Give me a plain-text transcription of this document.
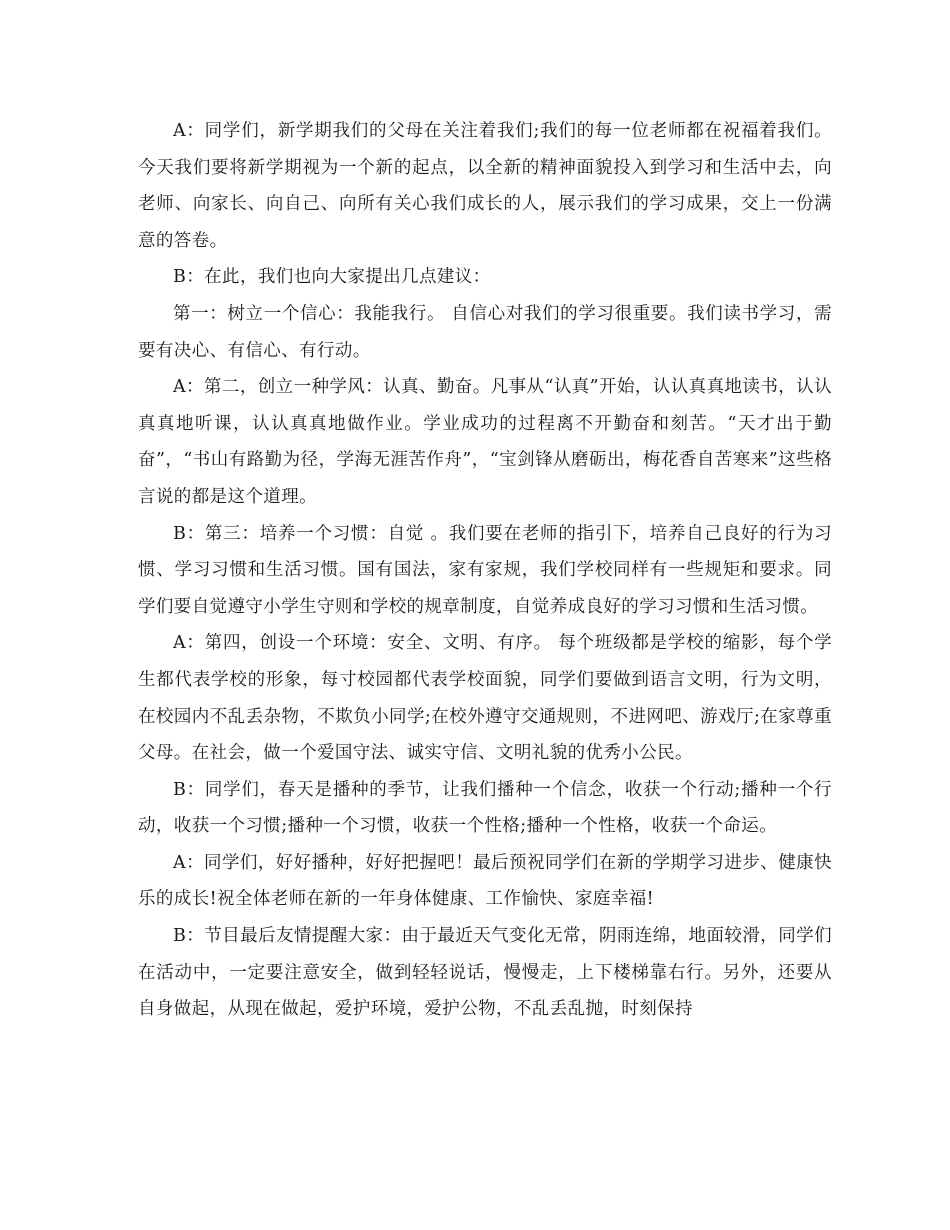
A：同学们，新学期我们的父母在关注着我们;我们的每一位老师都在祝福着我们。今天我们要将新学期视为一个新的起点，以全新的精神面貌投入到学习和生活中去，向老师、向家长、向自己、向所有关心我们成长的人，展示我们的学习成果，交上一份满意的答卷。

B：在此，我们也向大家提出几点建议：

第一：树立一个信心：我能我行。 自信心对我们的学习很重要。我们读书学习，需要有决心、有信心、有行动。

A：第二，创立一种学风：认真、勤奋。凡事从“认真”开始，认认真真地读书，认认真真地听课，认认真真地做作业。学业成功的过程离不开勤奋和刻苦。“天才出于勤奋”，“书山有路勤为径，学海无涯苦作舟”，“宝剑锋从磨砺出，梅花香自苦寒来”这些格言说的都是这个道理。

B：第三：培养一个习惯：自觉 。我们要在老师的指引下，培养自己良好的行为习惯、学习习惯和生活习惯。国有国法，家有家规，我们学校同样有一些规矩和要求。同学们要自觉遵守小学生守则和学校的规章制度，自觉养成良好的学习习惯和生活习惯。

A：第四，创设一个环境：安全、文明、有序。 每个班级都是学校的缩影，每个学生都代表学校的形象，每寸校园都代表学校面貌，同学们要做到语言文明，行为文明，在校园内不乱丢杂物，不欺负小同学;在校外遵守交通规则，不进网吧、游戏厅;在家尊重父母。在社会，做一个爱国守法、诚实守信、文明礼貌的优秀小公民。

B：同学们，春天是播种的季节，让我们播种一个信念，收获一个行动;播种一个行动，收获一个习惯;播种一个习惯，收获一个性格;播种一个性格，收获一个命运。

A：同学们，好好播种，好好把握吧！最后预祝同学们在新的学期学习进步、健康快乐的成长!祝全体老师在新的一年身体健康、工作愉快、家庭幸福!

B：节目最后友情提醒大家：由于最近天气变化无常，阴雨连绵，地面较滑，同学们在活动中，一定要注意安全，做到轻轻说话，慢慢走，上下楼梯靠右行。另外，还要从自身做起，从现在做起，爱护环境，爱护公物，不乱丢乱抛，时刻保持
